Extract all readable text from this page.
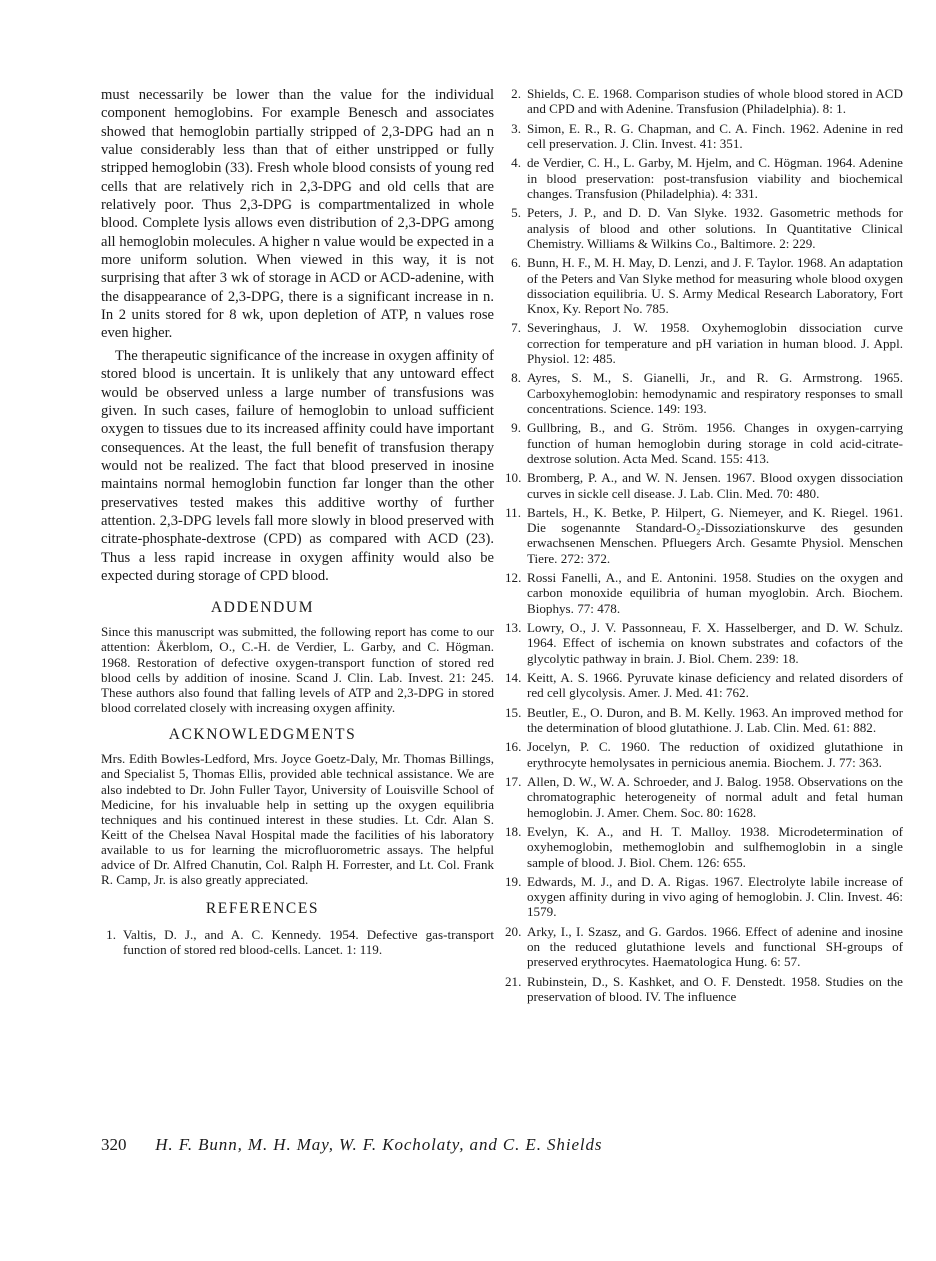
must necessarily be lower than the value for the individual component hemoglobins. For example Benesch and associates showed that hemoglobin partially stripped of 2,3-DPG had an n value considerably less than that of either unstripped or fully stripped hemoglobin (33). Fresh whole blood consists of young red cells that are relatively rich in 2,3-DPG and old cells that are relatively poor. Thus 2,3-DPG is compartmentalized in whole blood. Complete lysis allows even distribution of 2,3-DPG among all hemoglobin molecules. A higher n value would be expected in a more uniform solution. When viewed in this way, it is not surprising that after 3 wk of storage in ACD or ACD-adenine, with the disappearance of 2,3-DPG, there is a significant increase in n. In 2 units stored for 8 wk, upon depletion of ATP, n values rose even higher.

The therapeutic significance of the increase in oxygen affinity of stored blood is uncertain. It is unlikely that any untoward effect would be observed unless a large number of transfusions was given. In such cases, failure of hemoglobin to unload sufficient oxygen to tissues due to its increased affinity could have important consequences. At the least, the full benefit of transfusion therapy would not be realized. The fact that blood preserved in inosine maintains normal hemoglobin function far longer than the other preservatives tested makes this additive worthy of further attention. 2,3-DPG levels fall more slowly in blood preserved with citrate-phosphate-dextrose (CPD) as compared with ACD (23). Thus a less rapid increase in oxygen affinity would also be expected during storage of CPD blood.

ADDENDUM

Since this manuscript was submitted, the following report has come to our attention: Åkerblom, O., C.-H. de Verdier, L. Garby, and C. Högman. 1968. Restoration of defective oxygen-transport function of stored red blood cells by addition of inosine. Scand J. Clin. Lab. Invest. 21: 245. These authors also found that falling levels of ATP and 2,3-DPG in stored blood correlated closely with increasing oxygen affinity.

ACKNOWLEDGMENTS

Mrs. Edith Bowles-Ledford, Mrs. Joyce Goetz-Daly, Mr. Thomas Billings, and Specialist 5, Thomas Ellis, provided able technical assistance. We are also indebted to Dr. John Fuller Tayor, University of Louisville School of Medicine, for his invaluable help in setting up the oxygen equilibria techniques and his continued interest in these studies. Lt. Cdr. Alan S. Keitt of the Chelsea Naval Hospital made the facilities of his laboratory available to us for learning the microfluorometric assays. The helpful advice of Dr. Alfred Chanutin, Col. Ralph H. Forrester, and Lt. Col. Frank R. Camp, Jr. is also greatly appreciated.

REFERENCES
1. Valtis, D. J., and A. C. Kennedy. 1954. Defective gas-transport function of stored red blood-cells. Lancet. 1: 119.
2. Shields, C. E. 1968. Comparison studies of whole blood stored in ACD and CPD and with Adenine. Transfusion (Philadelphia). 8: 1.
3. Simon, E. R., R. G. Chapman, and C. A. Finch. 1962. Adenine in red cell preservation. J. Clin. Invest. 41: 351.
4. de Verdier, C. H., L. Garby, M. Hjelm, and C. Högman. 1964. Adenine in blood preservation: post-transfusion viability and biochemical changes. Transfusion (Philadelphia). 4: 331.
5. Peters, J. P., and D. D. Van Slyke. 1932. Gasometric methods for analysis of blood and other solutions. In Quantitative Clinical Chemistry. Williams & Wilkins Co., Baltimore. 2: 229.
6. Bunn, H. F., M. H. May, D. Lenzi, and J. F. Taylor. 1968. An adaptation of the Peters and Van Slyke method for measuring whole blood oxygen dissociation equilibria. U. S. Army Medical Research Laboratory, Fort Knox, Ky. Report No. 785.
7. Severinghaus, J. W. 1958. Oxyhemoglobin dissociation curve correction for temperature and pH variation in human blood. J. Appl. Physiol. 12: 485.
8. Ayres, S. M., S. Gianelli, Jr., and R. G. Armstrong. 1965. Carboxyhemoglobin: hemodynamic and respiratory responses to small concentrations. Science. 149: 193.
9. Gullbring, B., and G. Ström. 1956. Changes in oxygen-carrying function of human hemoglobin during storage in cold acid-citrate-dextrose solution. Acta Med. Scand. 155: 413.
10. Bromberg, P. A., and W. N. Jensen. 1967. Blood oxygen dissociation curves in sickle cell disease. J. Lab. Clin. Med. 70: 480.
11. Bartels, H., K. Betke, P. Hilpert, G. Niemeyer, and K. Riegel. 1961. Die sogenannte Standard-O₂-Dissoziationskurve des gesunden erwachsenen Menschen. Pfluegers Arch. Gesamte Physiol. Menschen Tiere. 272: 372.
12. Rossi Fanelli, A., and E. Antonini. 1958. Studies on the oxygen and carbon monoxide equilibria of human myoglobin. Arch. Biochem. Biophys. 77: 478.
13. Lowry, O., J. V. Passonneau, F. X. Hasselberger, and D. W. Schulz. 1964. Effect of ischemia on known substrates and cofactors of the glycolytic pathway in brain. J. Biol. Chem. 239: 18.
14. Keitt, A. S. 1966. Pyruvate kinase deficiency and related disorders of red cell glycolysis. Amer. J. Med. 41: 762.
15. Beutler, E., O. Duron, and B. M. Kelly. 1963. An improved method for the determination of blood glutathione. J. Lab. Clin. Med. 61: 882.
16. Jocelyn, P. C. 1960. The reduction of oxidized glutathione in erythrocyte hemolysates in pernicious anemia. Biochem. J. 77: 363.
17. Allen, D. W., W. A. Schroeder, and J. Balog. 1958. Observations on the chromatographic heterogeneity of normal adult and fetal human hemoglobin. J. Amer. Chem. Soc. 80: 1628.
18. Evelyn, K. A., and H. T. Malloy. 1938. Microdetermination of oxyhemoglobin, methemoglobin and sulfhemoglobin in a single sample of blood. J. Biol. Chem. 126: 655.
19. Edwards, M. J., and D. A. Rigas. 1967. Electrolyte labile increase of oxygen affinity during in vivo aging of hemoglobin. J. Clin. Invest. 46: 1579.
20. Arky, I., I. Szasz, and G. Gardos. 1966. Effect of adenine and inosine on the reduced glutathione levels and functional SH-groups of preserved erythrocytes. Haematologica Hung. 6: 57.
21. Rubinstein, D., S. Kashket, and O. F. Denstedt. 1958. Studies on the preservation of blood. IV. The influence
320 H. F. Bunn, M. H. May, W. F. Kocholaty, and C. E. Shields
